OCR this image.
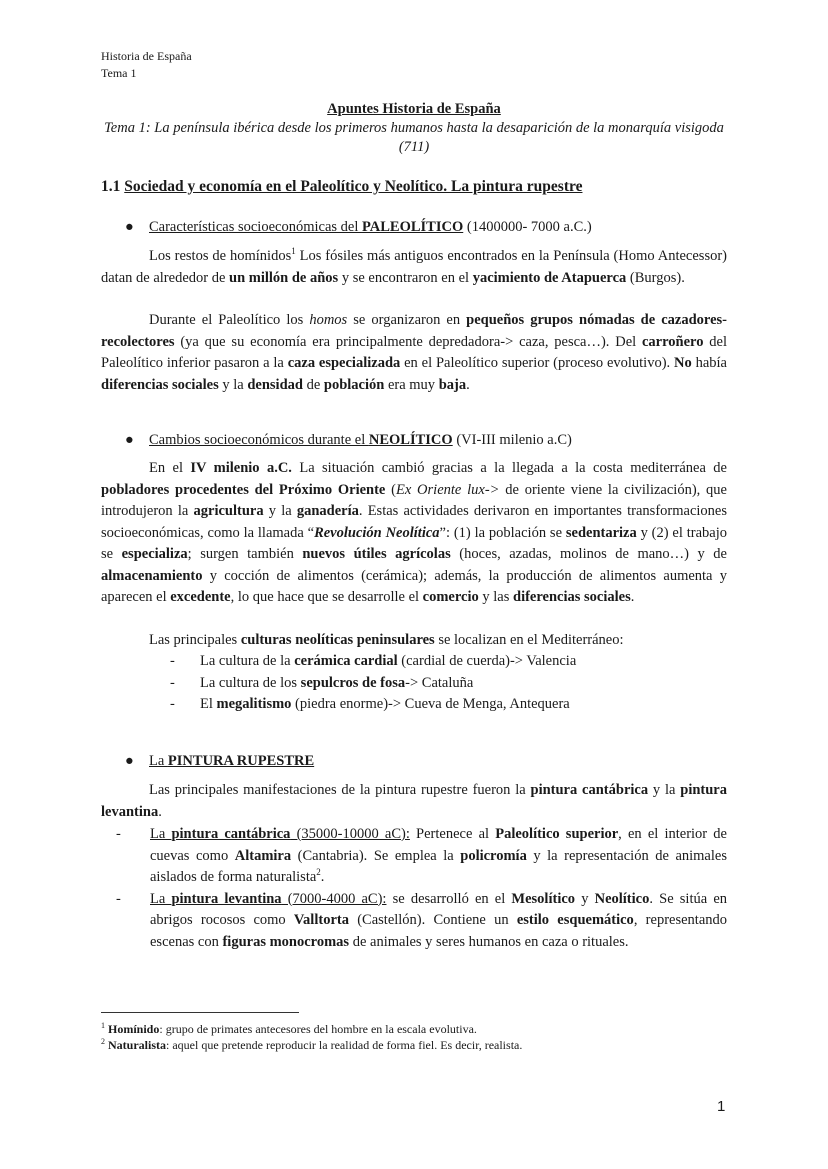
Historia de España
Tema 1
Apuntes Historia de España
Tema 1: La península ibérica desde los primeros humanos hasta la desaparición de la monarquía visigoda (711)
1.1 Sociedad y economía en el Paleolítico y Neolítico. La pintura rupestre
● Características socioeconómicas del PALEOLÍTICO (1400000- 7000 a.C.)
Los restos de homínidos$^1$ Los fósiles más antiguos encontrados en la Península (Homo Antecessor) datan de alrededor de un millón de años y se encontraron en el yacimiento de Atapuerca (Burgos).
Durante el Paleolítico los homos se organizaron en pequeños grupos nómadas de cazadores-recolectores (ya que su economía era principalmente depredadora-> caza, pesca…). Del carroñero del Paleolítico inferior pasaron a la caza especializada en el Paleolítico superior (proceso evolutivo). No había diferencias sociales y la densidad de población era muy baja.
● Cambios socioeconómicos durante el NEOLÍTICO (VI-III milenio a.C)
En el IV milenio a.C. La situación cambió gracias a la llegada a la costa mediterránea de pobladores procedentes del Próximo Oriente (Ex Oriente lux-> de oriente viene la civilización), que introdujeron la agricultura y la ganadería. Estas actividades derivaron en importantes transformaciones socioeconómicas, como la llamada “Revolución Neolítica”: (1) la población se sedentariza y (2) el trabajo se especializa; surgen también nuevos útiles agrícolas (hoces, azadas, molinos de mano…) y de almacenamiento y cocción de alimentos (cerámica); además, la producción de alimentos aumenta y aparecen el excedente, lo que hace que se desarrolle el comercio y las diferencias sociales.
Las principales culturas neolíticas peninsulares se localizan en el Mediterráneo:
-	La cultura de la cerámica cardial (cardial de cuerda)-> Valencia
-	La cultura de los sepulcros de fosa-> Cataluña
-	El megalitismo (piedra enorme)-> Cueva de Menga, Antequera
● La PINTURA RUPESTRE
Las principales manifestaciones de la pintura rupestre fueron la pintura cantábrica y la pintura levantina.
-	La pintura cantábrica (35000-10000 aC): Pertenece al Paleolítico superior, en el interior de cuevas como Altamira (Cantabria). Se emplea la policromía y la representación de animales aislados de forma naturalista$^2$.
-	La pintura levantina (7000-4000 aC): se desarrolló en el Mesolítico y Neolítico. Se sitúa en abrigos rocosos como Valltorta (Castellón). Contiene un estilo esquemático, representando escenas con figuras monocromas de animales y seres humanos en caza o rituales.
$^1$ Homínido: grupo de primates antecesores del hombre en la escala evolutiva.
$^2$ Naturalista: aquel que pretende reproducir la realidad de forma fiel. Es decir, realista.
1
